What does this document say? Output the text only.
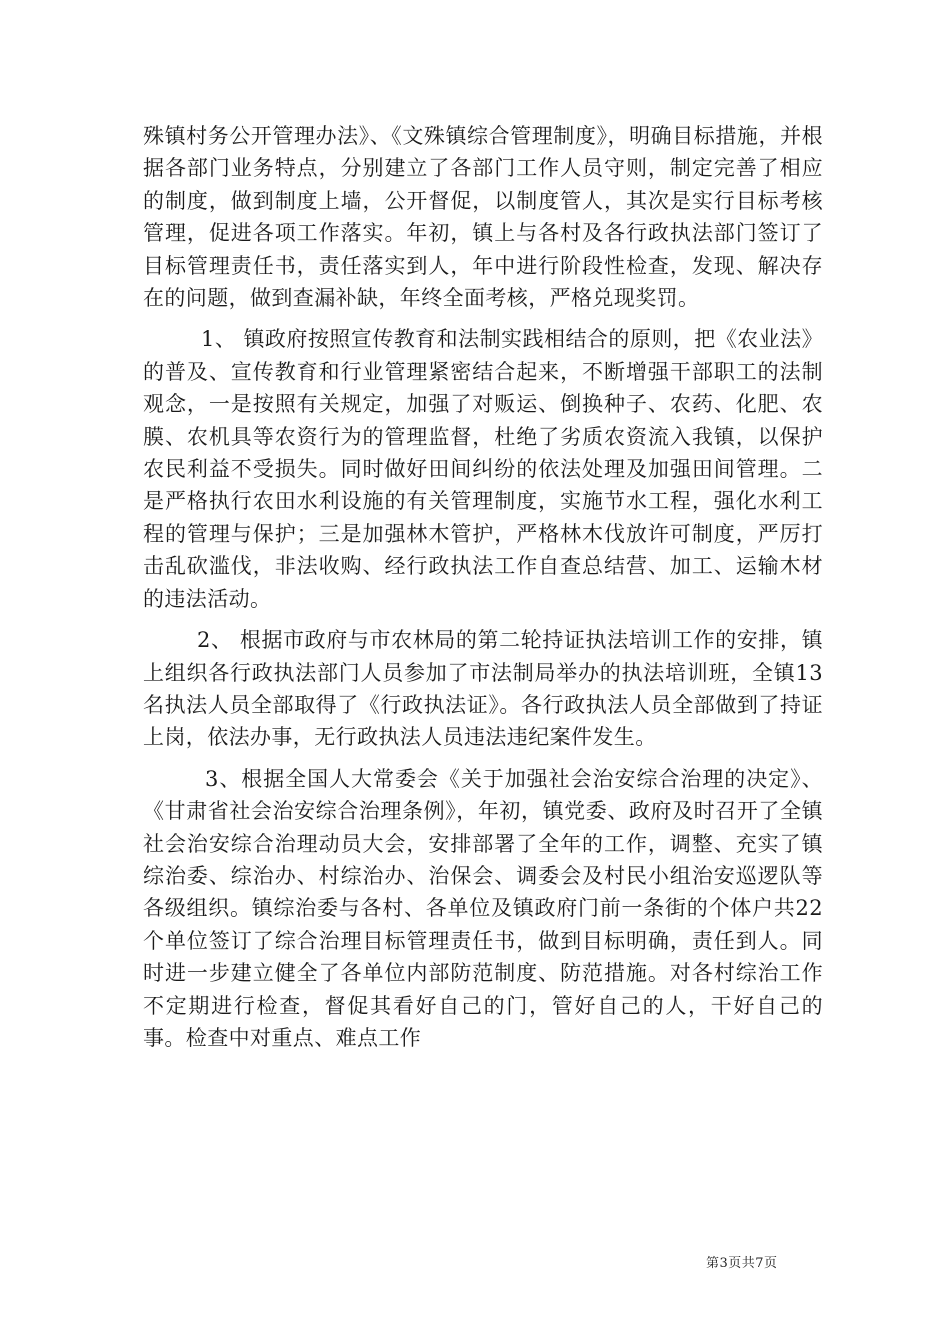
殊镇村务公开管理办法》、《文殊镇综合管理制度》，明确目标措施，并根据各部门业务特点，分别建立了各部门工作人员守则，制定完善了相应的制度，做到制度上墙，公开督促，以制度管人，其次是实行目标考核管理，促进各项工作落实。年初，镇上与各村及各行政执法部门签订了目标管理责任书，责任落实到人，年中进行阶段性检查，发现、解决存在的问题，做到查漏补缺，年终全面考核，严格兑现奖罚。

1、 镇政府按照宣传教育和法制实践相结合的原则，把《农业法》的普及、宣传教育和行业管理紧密结合起来，不断增强干部职工的法制观念，一是按照有关规定，加强了对贩运、倒换种子、农药、化肥、农膜、农机具等农资行为的管理监督，杜绝了劣质农资流入我镇，以保护农民利益不受损失。同时做好田间纠纷的依法处理及加强田间管理。二是严格执行农田水利设施的有关管理制度，实施节水工程，强化水利工程的管理与保护；三是加强林木管护，严格林木伐放许可制度，严厉打击乱砍滥伐，非法收购、经行政执法工作自查总结营、加工、运输木材的违法活动。

2、 根据市政府与市农林局的第二轮持证执法培训工作的安排，镇上组织各行政执法部门人员参加了市法制局举办的执法培训班，全镇13名执法人员全部取得了《行政执法证》。各行政执法人员全部做到了持证上岗，依法办事，无行政执法人员违法违纪案件发生。

3、根据全国人大常委会《关于加强社会治安综合治理的决定》、《甘肃省社会治安综合治理条例》，年初，镇党委、政府及时召开了全镇社会治安综合治理动员大会，安排部署了全年的工作，调整、充实了镇综治委、综治办、村综治办、治保会、调委会及村民小组治安巡逻队等各级组织。镇综治委与各村、各单位及镇政府门前一条街的个体户共22个单位签订了综合治理目标管理责任书，做到目标明确，责任到人。同时进一步建立健全了各单位内部防范制度、防范措施。对各村综治工作不定期进行检查，督促其看好自己的门，管好自己的人，干好自己的事。检查中对重点、难点工作

第3页共7页
